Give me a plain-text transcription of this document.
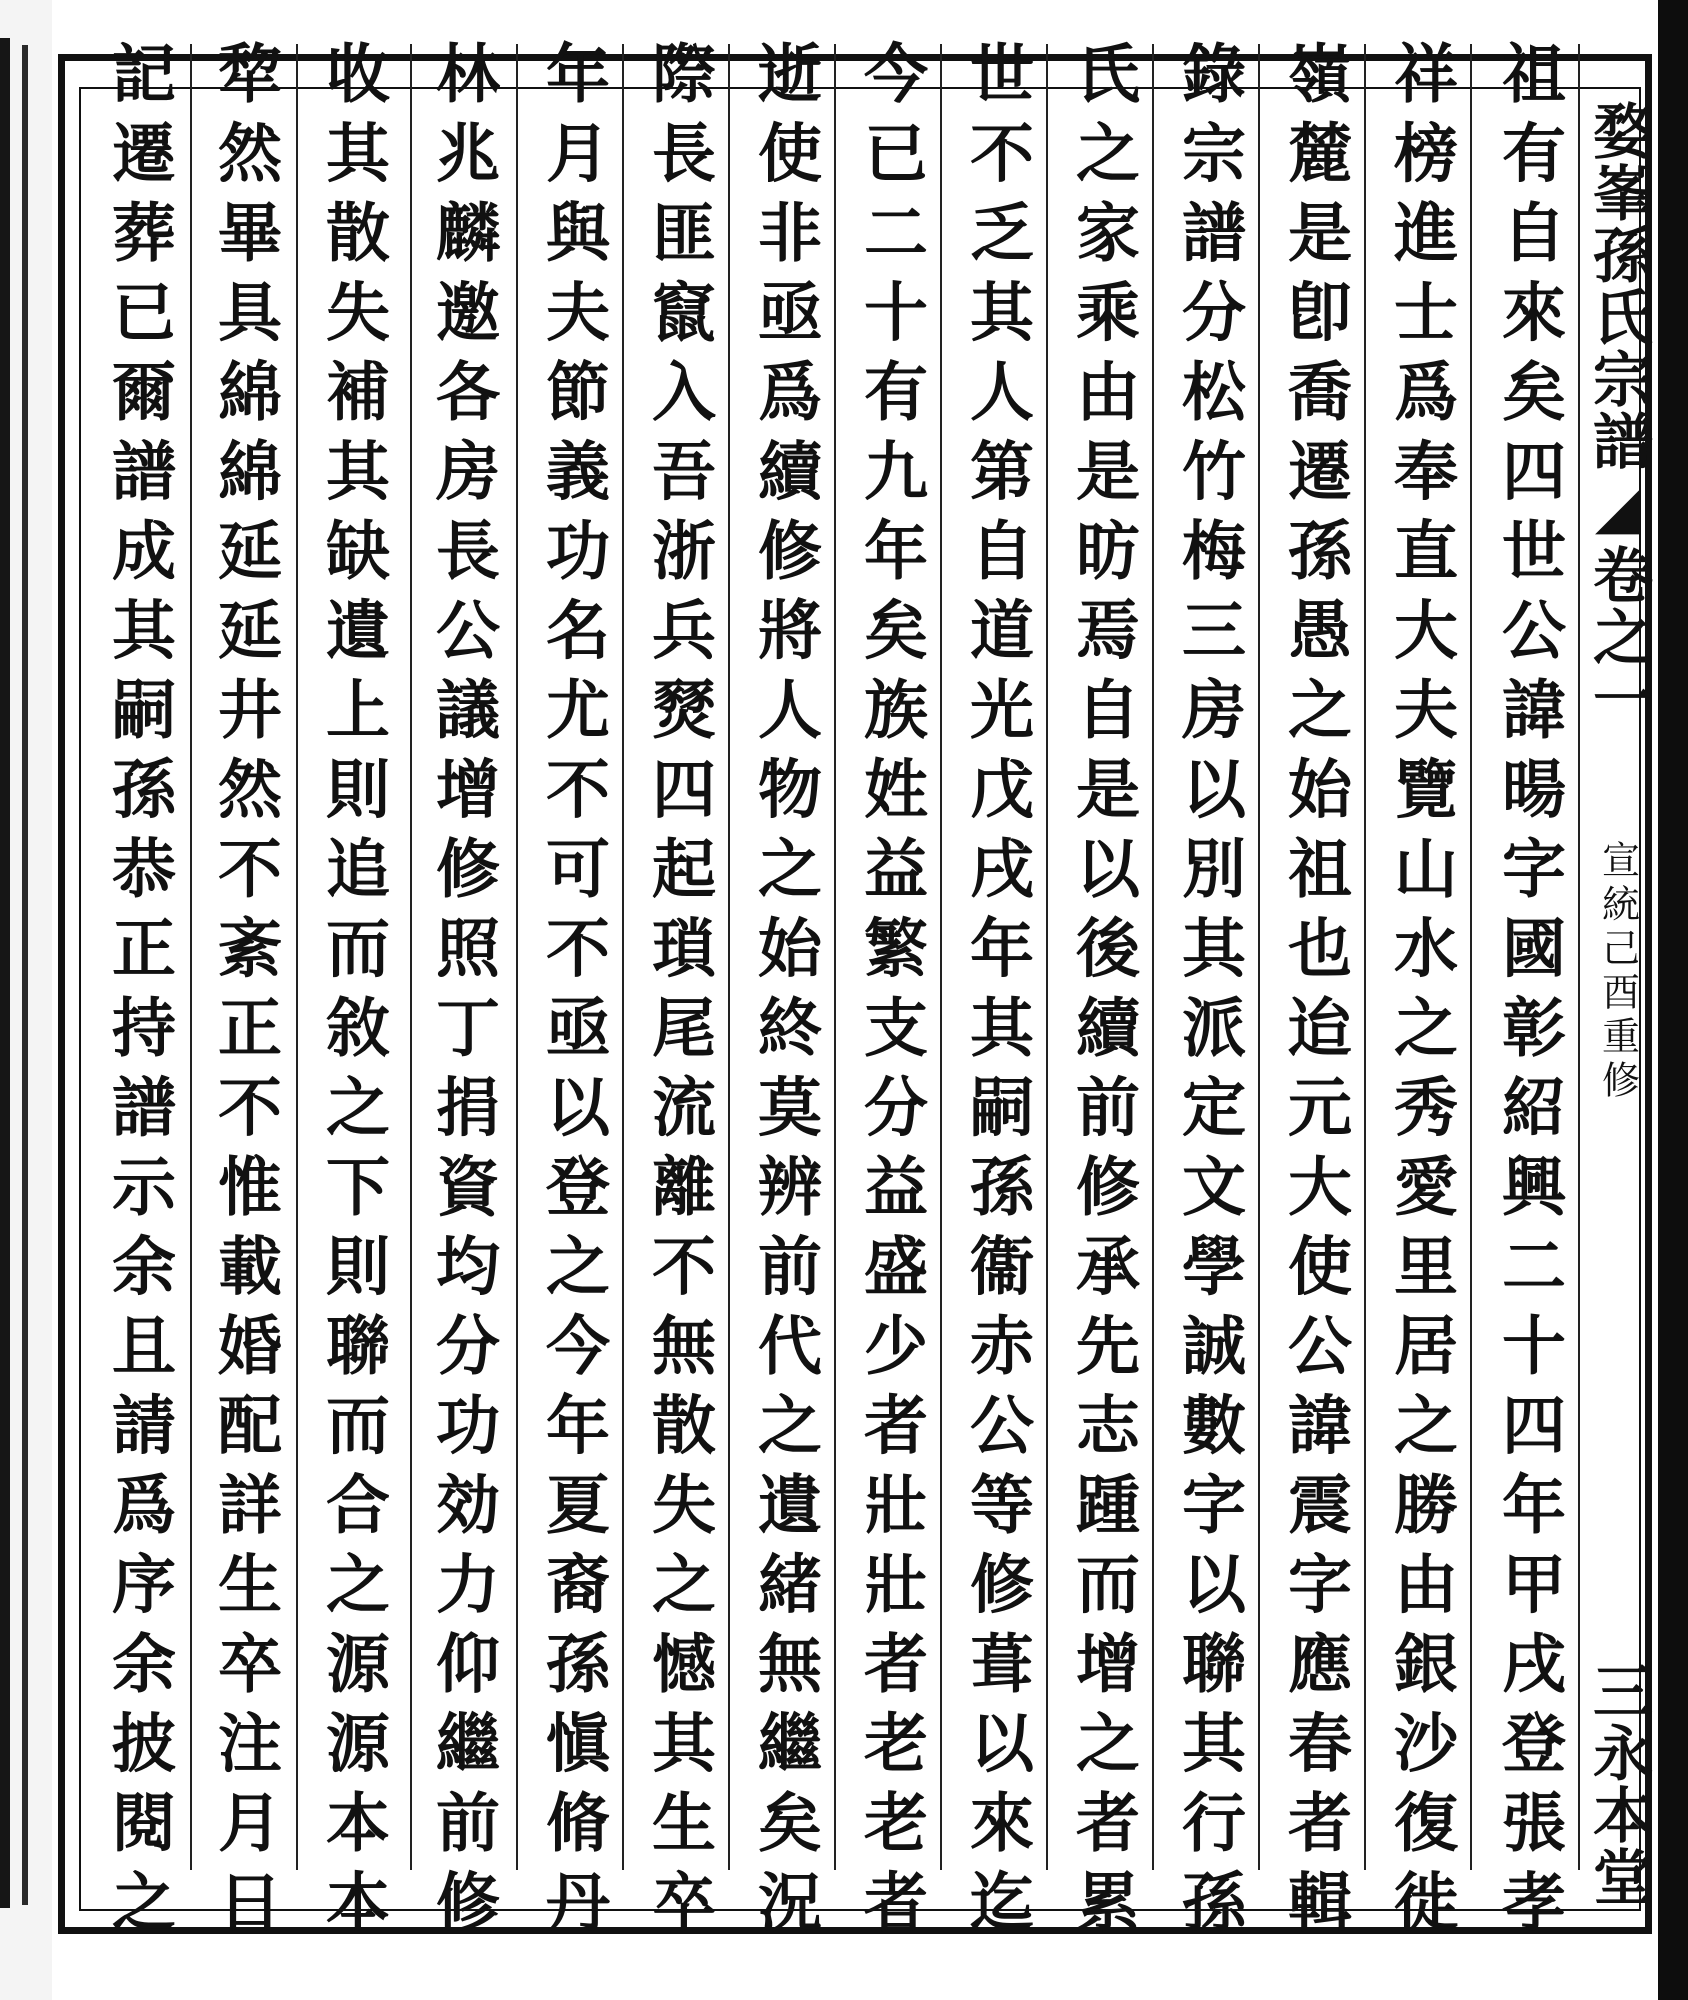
婺峯孫氏宗譜◢卷之一
宣統己酉重修
三永本堂
祖有自來矣四世公諱暘字國彰紹興二十四年甲戌登張孝
祥榜進士爲奉直大夫覽山水之秀愛里居之勝由銀沙復徙
嶺麓是卽喬遷孫愚之始祖也迨元大使公諱震字應春者輯
錄宗譜分松竹梅三房以別其派定文學誠數字以聯其行孫
氏之家乘由是昉焉自是以後續前修承先志踵而增之者累
世不乏其人第自道光戊戌年其嗣孫衞赤公等修葺以來迄
今已二十有九年矣族姓益繁支分益盛少者壯壯者老老者
逝使非亟爲續修將人物之始終莫辨前代之遺緒無繼矣況
際長匪竄入吾浙兵燹四起瑣尾流離不無散失之憾其生卒
年月與夫節義功名尤不可不亟以登之今年夏裔孫愼脩丹
林兆麟邀各房長公議增修照丁捐資均分功効力仰繼前修
收其散失補其缺遺上則追而敘之下則聯而合之源源本本
犂然畢具綿綿延延井然不紊正不惟載婚配詳生卒注月日
記遷葬已爾譜成其嗣孫恭正持譜示余且請爲序余披閱之
